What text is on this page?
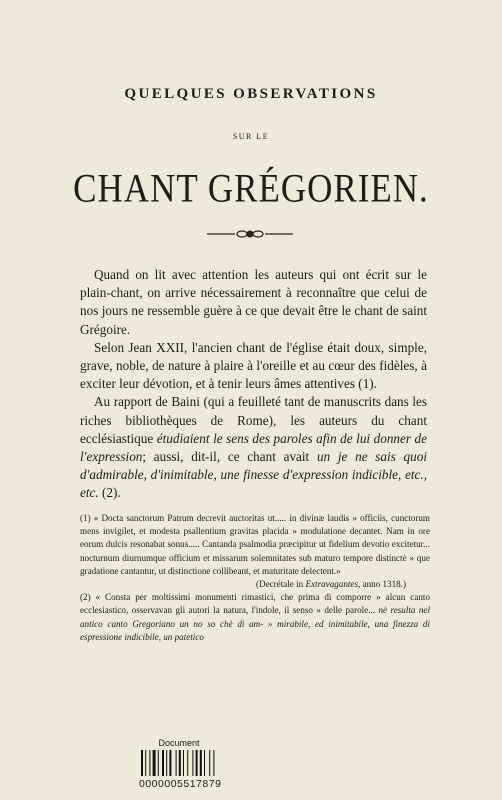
QUELQUES OBSERVATIONS
SUR LE
CHANT GRÉGORIEN.

Quand on lit avec attention les auteurs qui ont écrit sur le plain-chant, on arrive nécessairement à reconnaître que celui de nos jours ne ressemble guère à ce que devait être le chant de saint Grégoire.

Selon Jean XXII, l'ancien chant de l'église était doux, simple, grave, noble, de nature à plaire à l'oreille et au cœur des fidèles, à exciter leur dévotion, et à tenir leurs âmes attentives (1).

Au rapport de Baini (qui a feuilleté tant de manuscrits dans les riches bibliothèques de Rome), les auteurs du chant ecclésiastique étudiaient le sens des paroles afin de lui donner de l'expression; aussi, dit-il, ce chant avait un je ne sais quoi d'admirable, d'inimitable, une finesse d'expression indicible, etc., etc. (2).

(1) « Docta sanctorum Patrum decrevit auctoritas ut..... in divinæ laudis » officiis, cunctorum mens invigilet, et modesta psallentium gravitas placida » modulatione decantet. Nam in ore eorum dulcis resonabat sonus..... Cantanda psalmodia præcipitur ut fidelium devotio excitetur... nocturnum diurnumque officium et missarum solemnitates sub maturo tempore distinctè » que gradatione cantantur, ut distinctione collibeant, et maturitate delectent.»

(Decrétale in Extravagantes, anno 1318.)

(2) « Consta per moltissimi monumenti rimastici, che prima di comporre » alcun canto ecclesiastico, osservavan gli autori la natura, l'indole, il senso » delle parole... nè resulta nel antico canto Gregoriano un no so chè di am- » mirabile, ed inimitabile, una finezza di espressione indicibile, un patetico

Document
0000005517879
